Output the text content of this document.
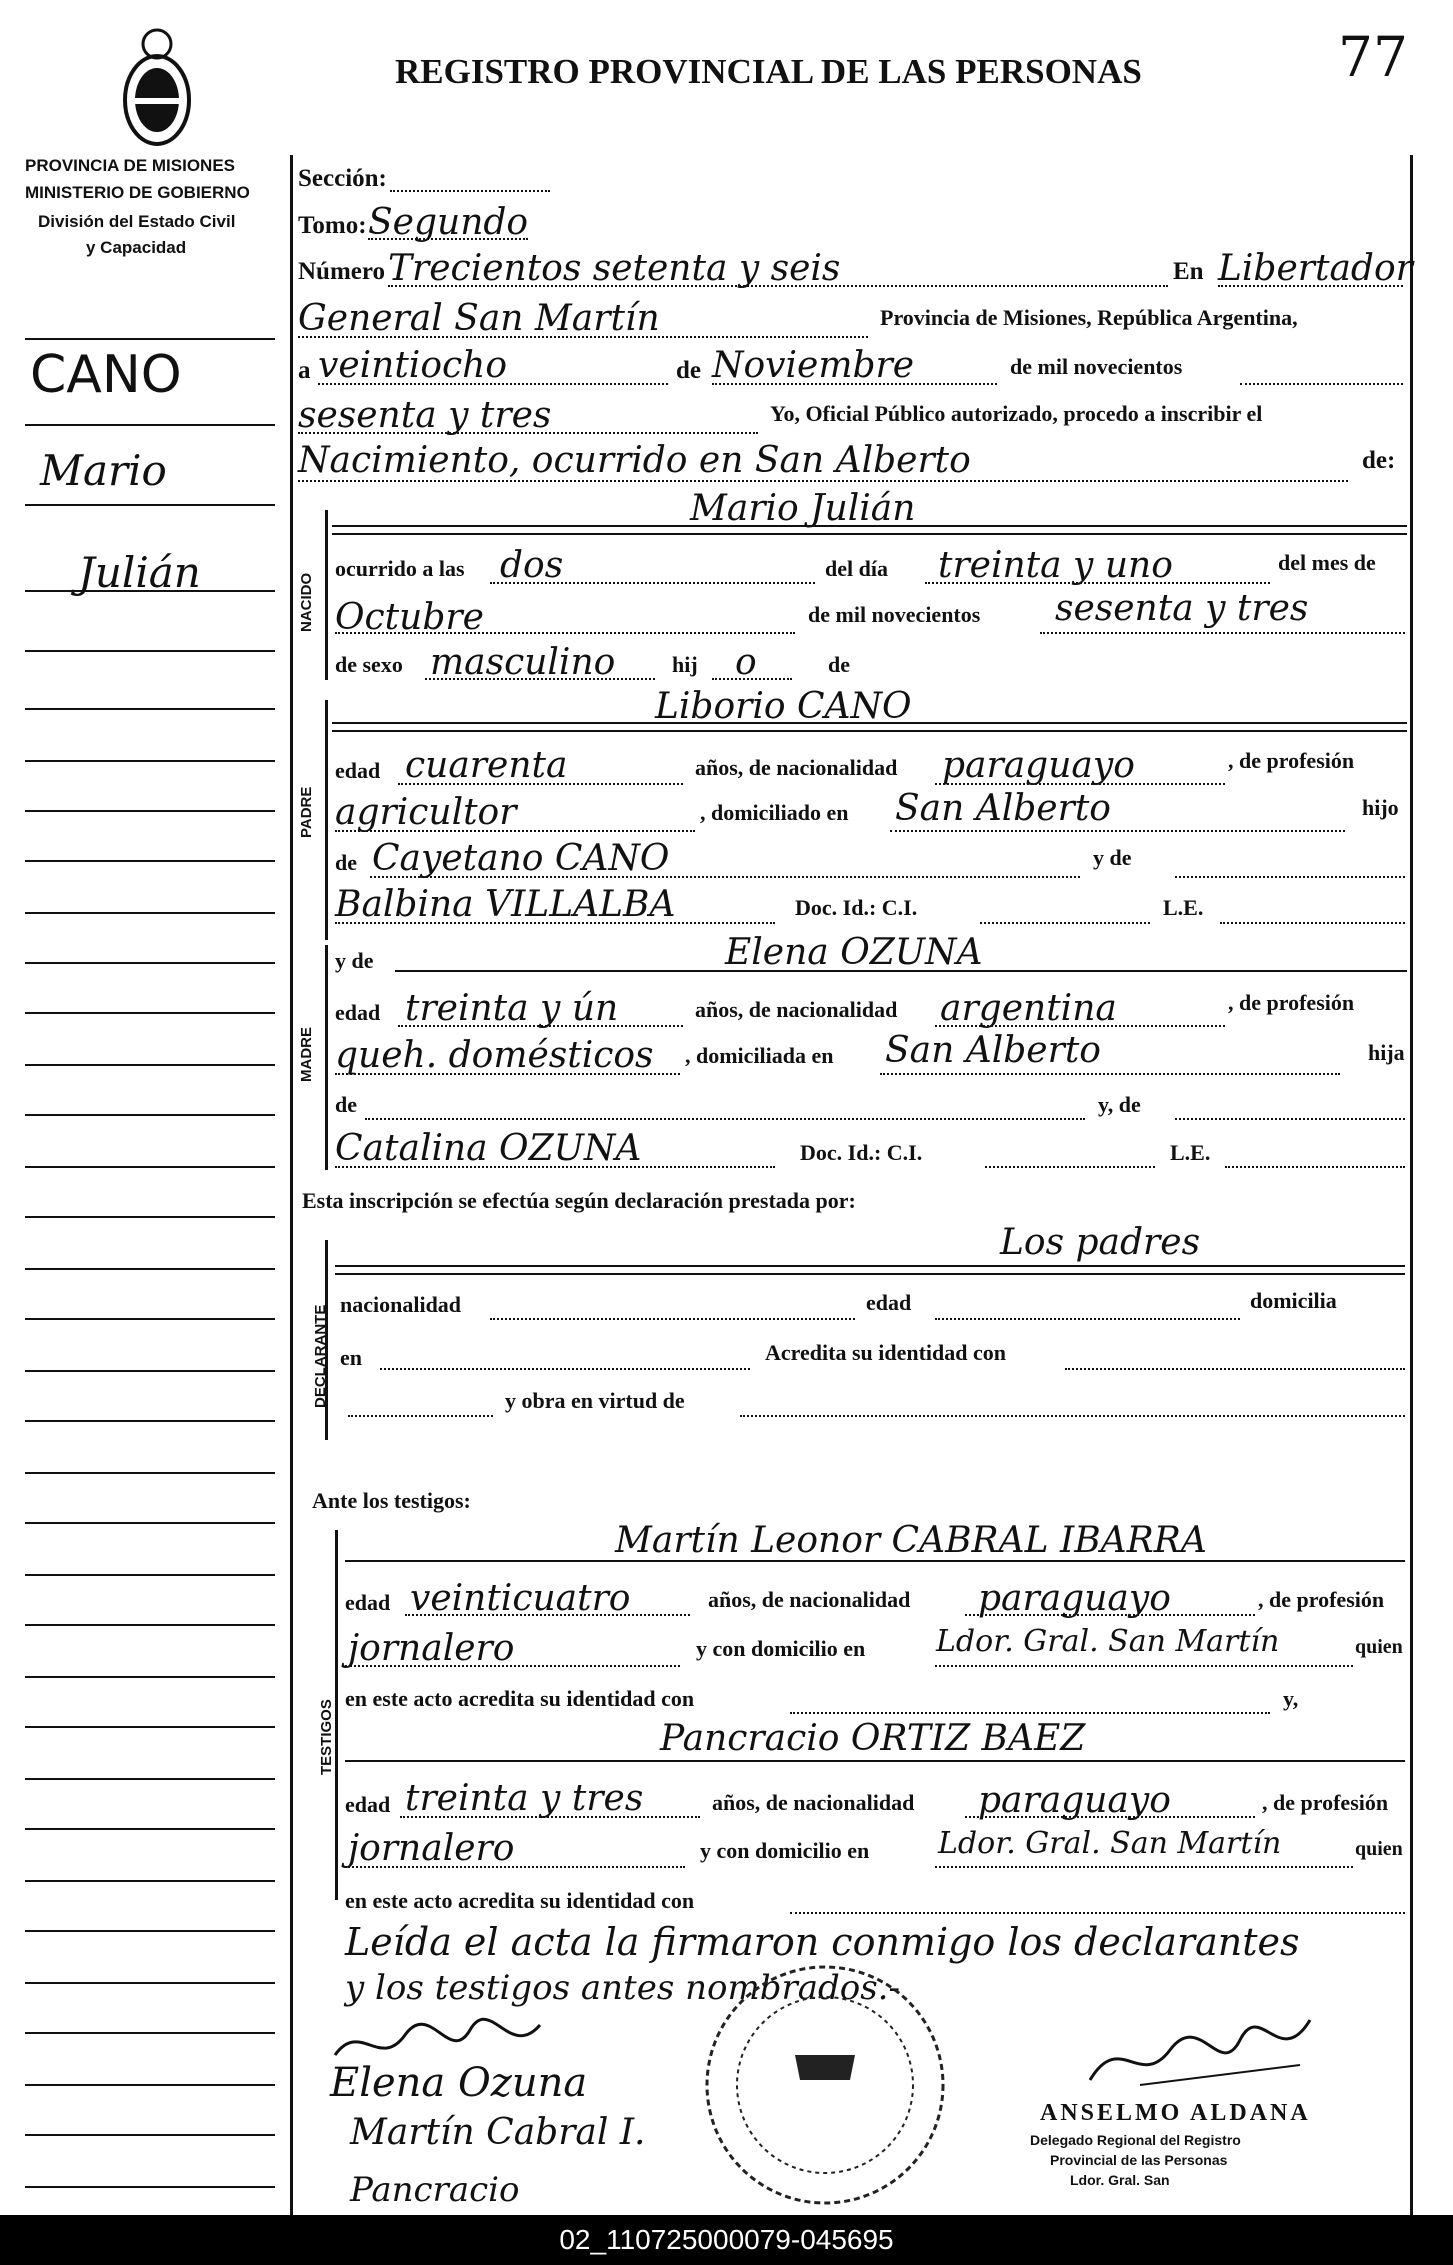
REGISTRO PROVINCIAL DE LAS PERSONAS	77
PROVINCIA DE MISIONES
MINISTERIO DE GOBIERNO
División del Estado Civil
y Capacidad
CANO
Mario
Julián
Sección:
Tomo: Segundo
Número Trecientos setenta y seis	En Libertador
General San Martín	Provincia de Misiones, República Argentina,
a veintiocho	de Noviembre	de mil novecientos
sesenta y tres	Yo, Oficial Público autorizado, procedo a inscribir el
Nacimiento, ocurrido en San Alberto	de:
NACIDO
Mario Julián
ocurrido a las dos	del día treinta y uno	del mes de
Octubre	de mil novecientos sesenta y tres
de sexo masculino	hij o	de
PADRE
Liborio CANO
edad cuarenta	años, de nacionalidad paraguayo	, de profesión
agricultor	, domiciliado en San Alberto	hijo
de Cayetano CANO	y de
Balbina VILLALBA	Doc. Id.: C.I.	L.E.
MADRE
y de	Elena OZUNA
edad treinta y ún	años, de nacionalidad argentina	, de profesión
queh. domésticos , domiciliada en San Alberto	hija
de	y, de
Catalina OZUNA	Doc. Id.: C.I.	L.E.
Esta inscripción se efectúa según declaración prestada por:
DECLARANTE
Los padres
nacionalidad	edad	domicilia
en	Acredita su identidad con
y obra en virtud de
Ante los testigos:
TESTIGOS
Martín Leonor CABRAL IBARRA
edad veinticuatro	años, de nacionalidad paraguayo	, de profesión
jornalero	y con domicilio en Ldor. Gral. San Martín	quien
en este acto acredita su identidad con	y,
Pancracio ORTIZ BAEZ
edad treinta y tres	años, de nacionalidad paraguayo	, de profesión
jornalero	y con domicilio en Ldor. Gral. San Martín	quien
en este acto acredita su identidad con
Leída el acta la firmaron conmigo los declarantes
y los testigos antes nombrados.-
Elena Ozuna
Martín Cabral I.
Pancracio
ANSELMO ALDANA
Delegado Regional del Registro
Provincial de las Personas
Ldor. Gral. San
02_110725000079-045695
